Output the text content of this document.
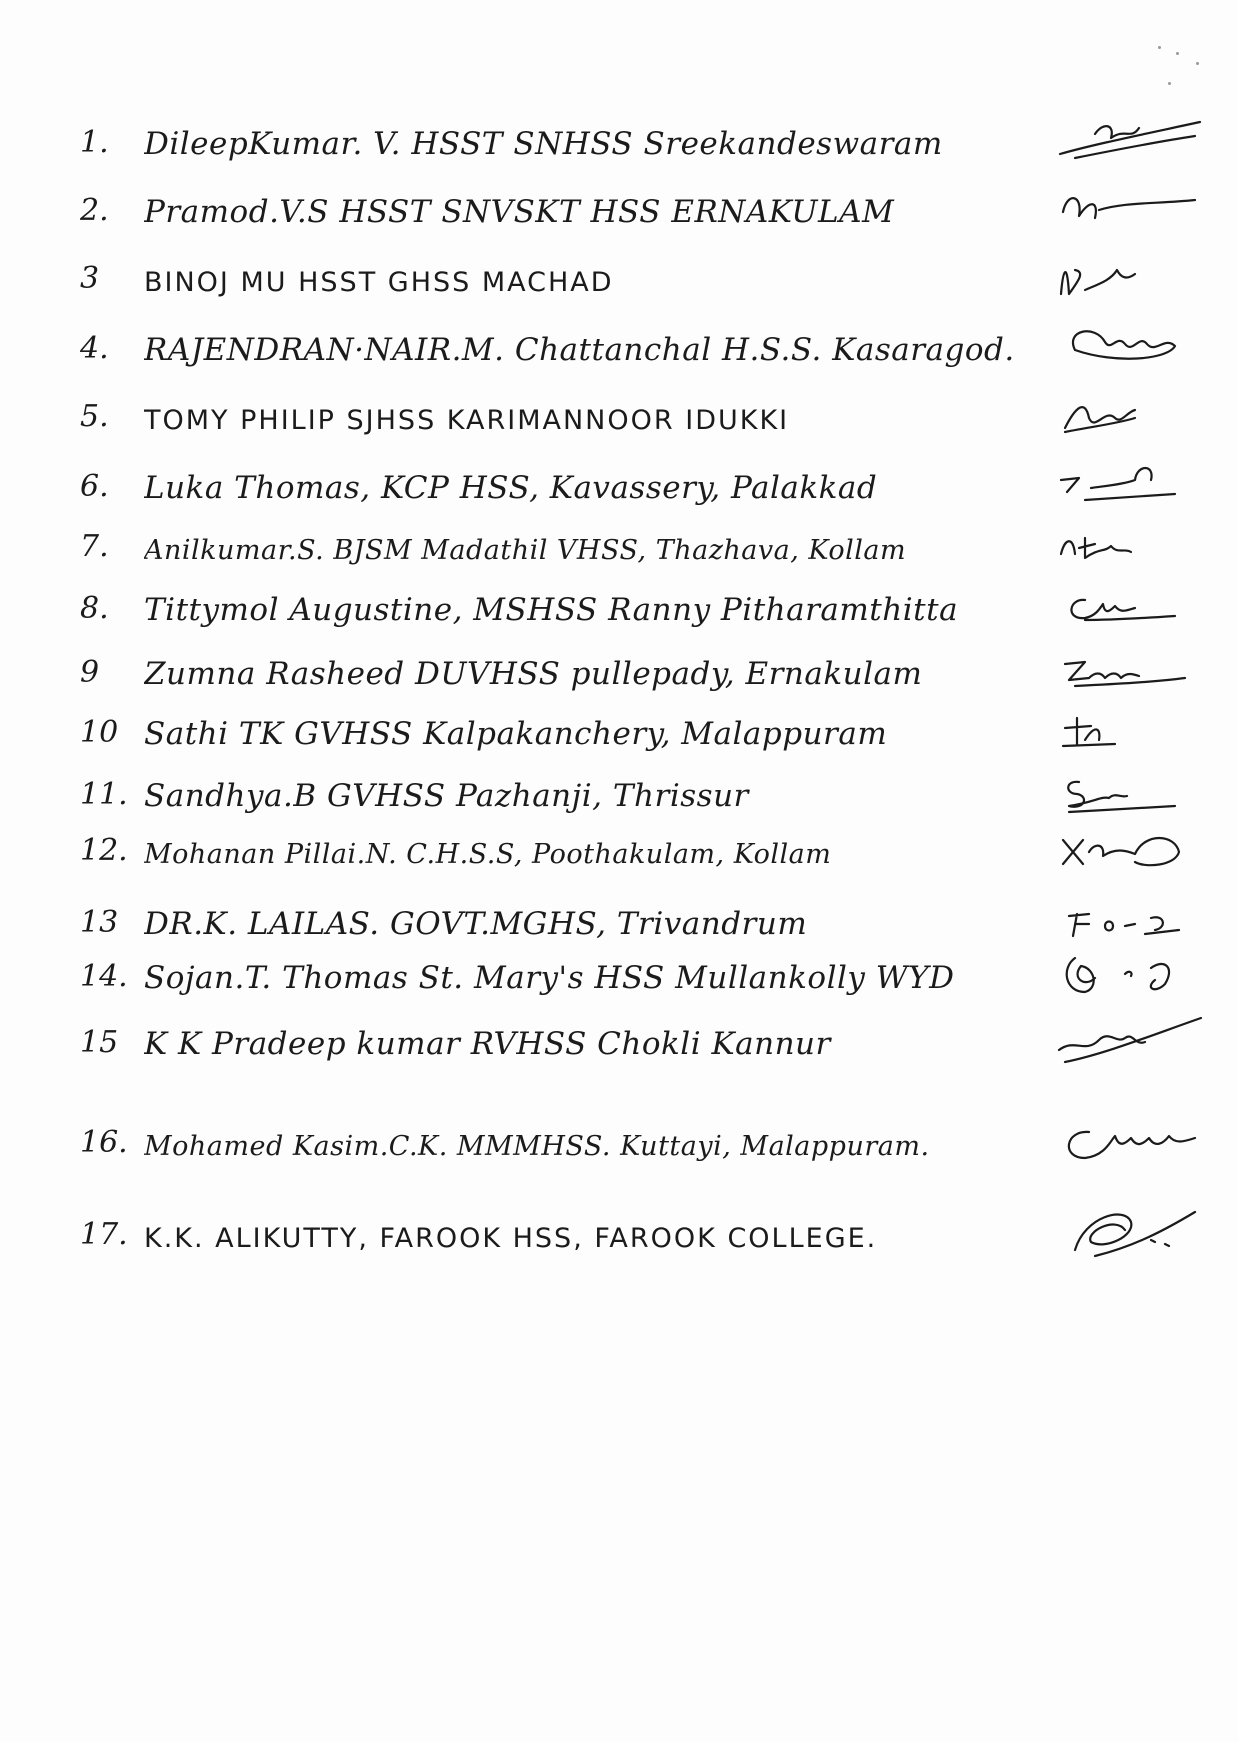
1.	DileepKumar. V. HSST SNHSS Sreekandeswaram
2.	Pramod.V.S HSST SNVSKT HSS ERNAKULAM
3	BINOJ MU HSST GHSS MACHAD
4.	RAJENDRAN·NAIR.M. Chattanchal H.S.S. Kasaragod.
5.	TOMY PHILIP SJHSS KARIMANNOOR IDUKKI
6.	Luka Thomas, KCP HSS, Kavassery, Palakkad
7.	Anilkumar.S. BJSM Madathil VHSS, Thazhava, Kollam
8.	Tittymol Augustine, MSHSS Ranny Pitharamthitta
9	Zumna Rasheed DUVHSS pullepady, Ernakulam
10 Sathi TK GVHSS Kalpakanchery, Malappuram
11. Sandhya.B GVHSS Pazhanji, Thrissur
12. Mohanan Pillai.N. C.H.S.S, Poothakulam, Kollam
13 DR.K. LAILAS. GOVT.MGHS, Trivandrum
14. Sojan.T. Thomas St. Mary's HSS Mullankolly WYD
15 K K Pradeep kumar RVHSS Chokli Kannur
16. Mohamed Kasim.C.K. MMMHSS. Kuttayi, Malappuram.
17. K.K. ALIKUTTY, FAROOK HSS, FAROOK COLLEGE.
